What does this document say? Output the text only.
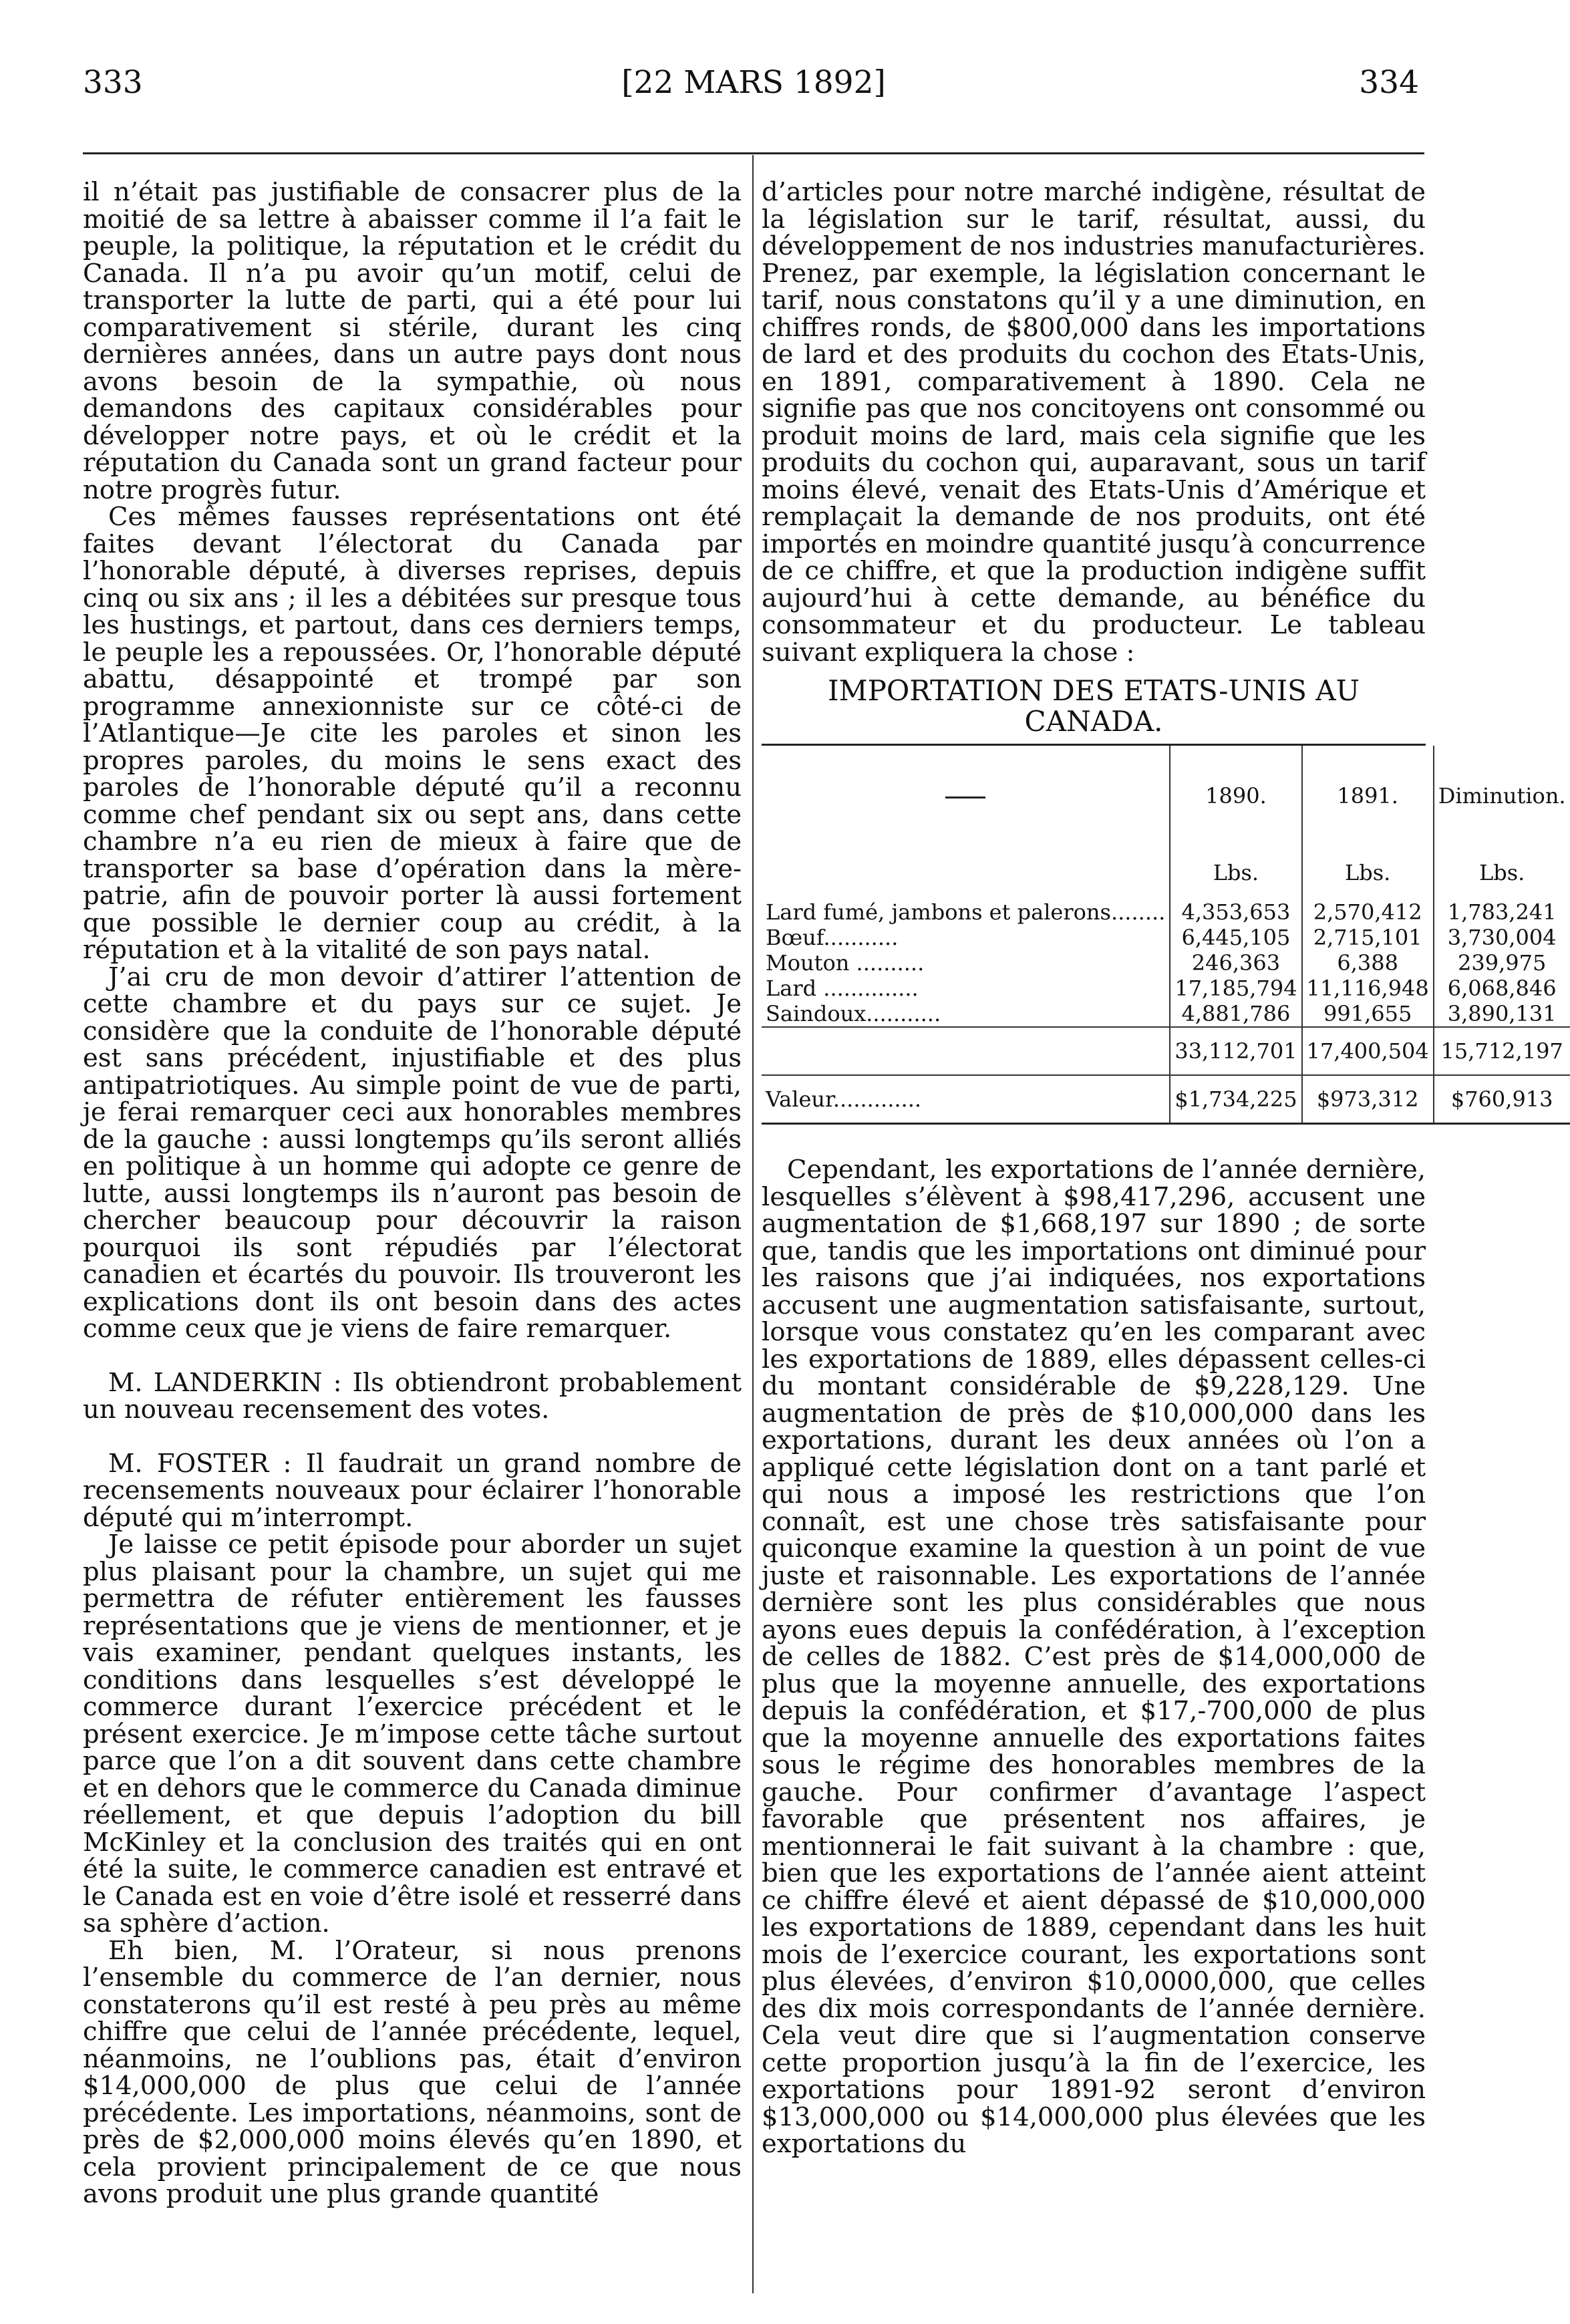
333	[22 MARS 1892]	334

il n’était pas justifiable de consacrer plus de la moitié de sa lettre à abaisser comme il l’a fait le peuple, la politique, la réputation et le crédit du Canada. Il n’a pu avoir qu’un motif, celui de transporter la lutte de parti, qui a été pour lui comparativement si stérile, durant les cinq dernières années, dans un autre pays dont nous avons besoin de la sympathie, où nous demandons des capitaux considérables pour développer notre pays, et où le crédit et la réputation du Canada sont un grand facteur pour notre progrès futur.

Ces mêmes fausses représentations ont été faites devant l’électorat du Canada par l’honorable député, à diverses reprises, depuis cinq ou six ans ; il les a débitées sur presque tous les hustings, et partout, dans ces derniers temps, le peuple les a repoussées. Or, l’honorable député abattu, désappointé et trompé par son programme annexionniste sur ce côté-ci de l’Atlantique—Je cite les paroles et sinon les propres paroles, du moins le sens exact des paroles de l’honorable député qu’il a reconnu comme chef pendant six ou sept ans, dans cette chambre n’a eu rien de mieux à faire que de transporter sa base d’opération dans la mère-patrie, afin de pouvoir porter là aussi fortement que possible le dernier coup au crédit, à la réputation et à la vitalité de son pays natal.

J’ai cru de mon devoir d’attirer l’attention de cette chambre et du pays sur ce sujet. Je considère que la conduite de l’honorable député est sans précédent, injustifiable et des plus antipatriotiques. Au simple point de vue de parti, je ferai remarquer ceci aux honorables membres de la gauche : aussi longtemps qu’ils seront alliés en politique à un homme qui adopte ce genre de lutte, aussi longtemps ils n’auront pas besoin de chercher beaucoup pour découvrir la raison pourquoi ils sont répudiés par l’électorat canadien et écartés du pouvoir. Ils trouveront les explications dont ils ont besoin dans des actes comme ceux que je viens de faire remarquer.

M. LANDERKIN : Ils obtiendront probablement un nouveau recensement des votes.

M. FOSTER : Il faudrait un grand nombre de recensements nouveaux pour éclairer l’honorable député qui m’interrompt.

Je laisse ce petit épisode pour aborder un sujet plus plaisant pour la chambre, un sujet qui me permettra de réfuter entièrement les fausses représentations que je viens de mentionner, et je vais examiner, pendant quelques instants, les conditions dans lesquelles s’est développé le commerce durant l’exercice précédent et le présent exercice. Je m’impose cette tâche surtout parce que l’on a dit souvent dans cette chambre et en dehors que le commerce du Canada diminue réellement, et que depuis l’adoption du bill McKinley et la conclusion des traités qui en ont été la suite, le commerce canadien est entravé et le Canada est en voie d’être isolé et resserré dans sa sphère d’action.

Eh bien, M. l’Orateur, si nous prenons l’ensemble du commerce de l’an dernier, nous constaterons qu’il est resté à peu près au même chiffre que celui de l’année précédente, lequel, néanmoins, ne l’oublions pas, était d’environ $14,000,000 de plus que celui de l’année précédente. Les importations, néanmoins, sont de près de $2,000,000 moins élevés qu’en 1890, et cela provient principalement de ce que nous avons produit une plus grande quantité

d’articles pour notre marché indigène, résultat de la législation sur le tarif, résultat, aussi, du développement de nos industries manufacturières. Prenez, par exemple, la législation concernant le tarif, nous constatons qu’il y a une diminution, en chiffres ronds, de $800,000 dans les importations de lard et des produits du cochon des Etats-Unis, en 1891, comparativement à 1890. Cela ne signifie pas que nos concitoyens ont consommé ou produit moins de lard, mais cela signifie que les produits du cochon qui, auparavant, sous un tarif moins élevé, venait des Etats-Unis d’Amérique et remplaçait la demande de nos produits, ont été importés en moindre quantité jusqu’à concurrence de ce chiffre, et que la production indigène suffit aujourd’hui à cette demande, au bénéfice du consommateur et du producteur. Le tableau suivant expliquera la chose :

IMPORTATION DES ETATS-UNIS AU CANADA.
	1890.	1891.	Diminution.
	Lbs.	Lbs.	Lbs.
Lard fumé, jambons et palerons........	4,353,653	2,570,412	1,783,241
Bœuf...........	6,445,105	2,715,101	3,730,004
Mouton ..........	246,363	6,388	239,975
Lard ..............	17,185,794	11,116,948	6,068,846
Saindoux...........	4,881,786	991,655	3,890,131
	33,112,701	17,400,504	15,712,197
Valeur.............	$1,734,225	$973,312	$760,913

Cependant, les exportations de l’année dernière, lesquelles s’élèvent à $98,417,296, accusent une augmentation de $1,668,197 sur 1890 ; de sorte que, tandis que les importations ont diminué pour les raisons que j’ai indiquées, nos exportations accusent une augmentation satisfaisante, surtout, lorsque vous constatez qu’en les comparant avec les exportations de 1889, elles dépassent celles-ci du montant considérable de $9,228,129. Une augmentation de près de $10,000,000 dans les exportations, durant les deux années où l’on a appliqué cette législation dont on a tant parlé et qui nous a imposé les restrictions que l’on connaît, est une chose très satisfaisante pour quiconque examine la question à un point de vue juste et raisonnable. Les exportations de l’année dernière sont les plus considérables que nous ayons eues depuis la confédération, à l’exception de celles de 1882. C’est près de $14,000,000 de plus que la moyenne annuelle, des exportations depuis la confédération, et $17,-700,000 de plus que la moyenne annuelle des exportations faites sous le régime des honorables membres de la gauche. Pour confirmer d’avantage l’aspect favorable que présentent nos affaires, je mentionnerai le fait suivant à la chambre : que, bien que les exportations de l’année aient atteint ce chiffre élevé et aient dépassé de $10,000,000 les exportations de 1889, cependant dans les huit mois de l’exercice courant, les exportations sont plus élevées, d’environ $10,0000,000, que celles des dix mois correspondants de l’année dernière. Cela veut dire que si l’augmentation conserve cette proportion jusqu’à la fin de l’exercice, les exportations pour 1891-92 seront d’environ $13,000,000 ou $14,000,000 plus élevées que les exportations du
